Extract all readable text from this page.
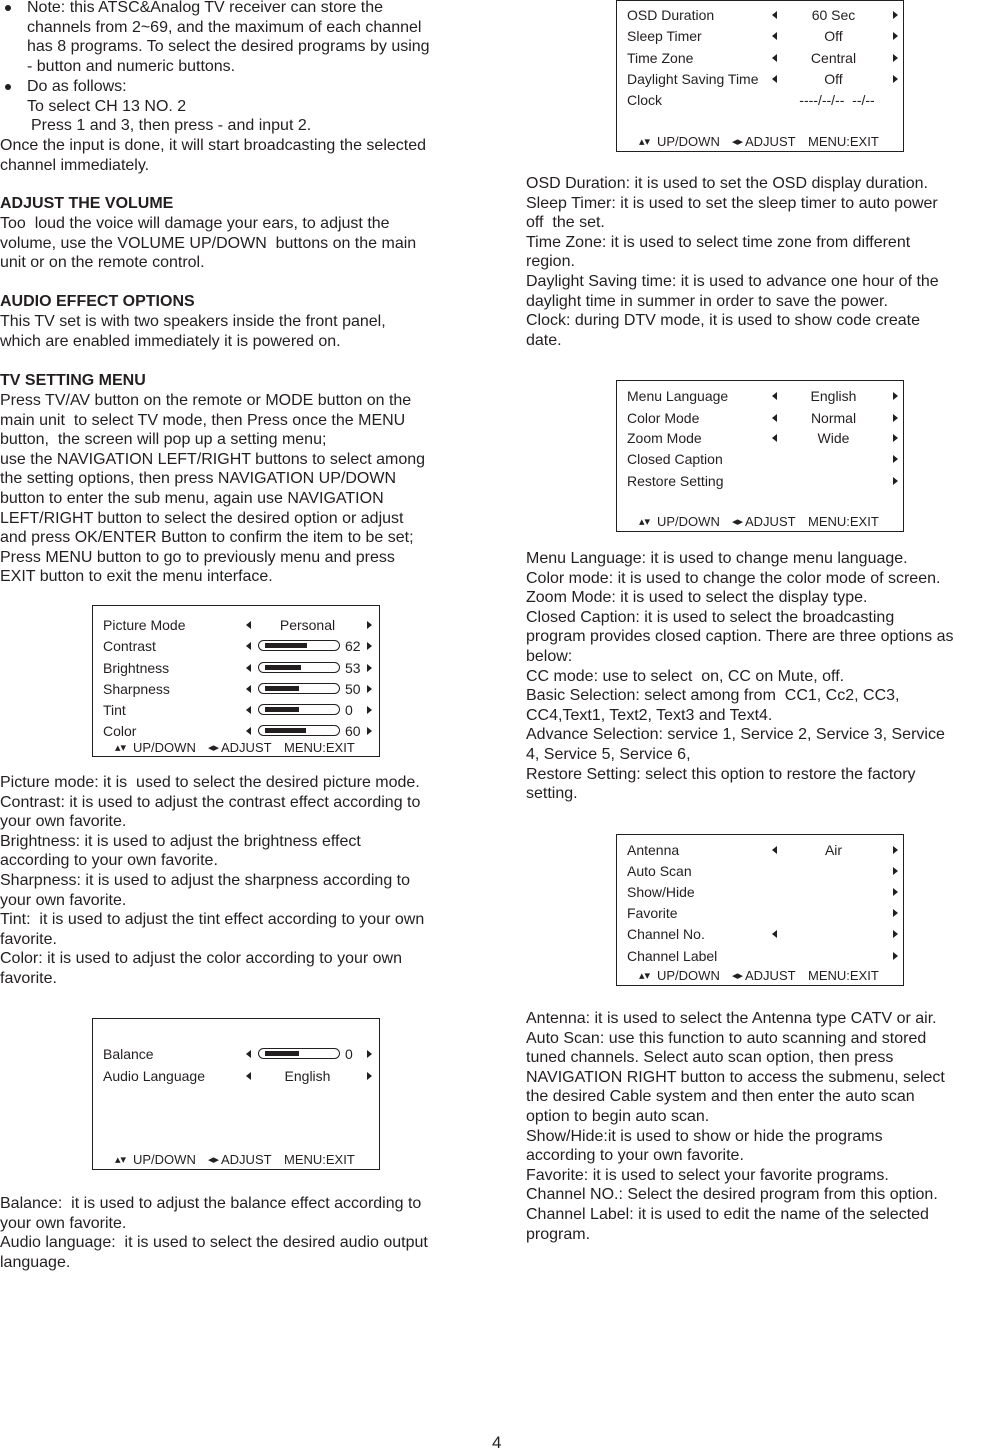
Note: this ATSC&Analog TV receiver can store the
channels from 2~69, and the maximum of each channel
has 8 programs. To select the desired programs by using
- button and numeric buttons.
Do as follows:
To select CH 13 NO. 2
Press 1 and 3, then press - and input 2.
Once the input is done, it will start broadcasting the selected
channel immediately.
ADJUST THE VOLUME
Too  loud the voice will damage your ears, to adjust the
volume, use the VOLUME UP/DOWN  buttons on the main
unit or on the remote control.
AUDIO EFFECT OPTIONS
This TV set is with two speakers inside the front panel,
which are enabled immediately it is powered on.
TV SETTING MENU
Press TV/AV button on the remote or MODE button on the
main unit  to select TV mode, then Press once the MENU
button,  the screen will pop up a setting menu;
use the NAVIGATION LEFT/RIGHT buttons to select among
the setting options, then press NAVIGATION UP/DOWN
button to enter the sub menu, again use NAVIGATION
LEFT/RIGHT button to select the desired option or adjust
and press OK/ENTER Button to confirm the item to be set;
Press MENU button to go to previously menu and press
EXIT button to exit the menu interface.
Picture mode: it is  used to select the desired picture mode.
Contrast: it is used to adjust the contrast effect according to
your own favorite.
Brightness: it is used to adjust the brightness effect
according to your own favorite.
Sharpness: it is used to adjust the sharpness according to
your own favorite.
Tint:  it is used to adjust the tint effect according to your own
favorite.
Color: it is used to adjust the color according to your own
favorite.
Balance:  it is used to adjust the balance effect according to
your own favorite.
Audio language:  it is used to select the desired audio output
language.
OSD Duration: it is used to set the OSD display duration.
Sleep Timer: it is used to set the sleep timer to auto power
off  the set.
Time Zone: it is used to select time zone from different
region.
Daylight Saving time: it is used to advance one hour of the
daylight time in summer in order to save the power.
Clock: during DTV mode, it is used to show code create
date.
Menu Language: it is used to change menu language.
Color mode: it is used to change the color mode of screen.
Zoom Mode: it is used to select the display type.
Closed Caption: it is used to select the broadcasting
program provides closed caption. There are three options as
below:
CC mode: use to select  on, CC on Mute, off.
Basic Selection: select among from  CC1, Cc2, CC3,
CC4,Text1, Text2, Text3 and Text4.
Advance Selection: service 1, Service 2, Service 3, Service
4, Service 5, Service 6,
Restore Setting: select this option to restore the factory
setting.
Antenna: it is used to select the Antenna type CATV or air.
Auto Scan: use this function to auto scanning and stored
tuned channels. Select auto scan option, then press
NAVIGATION RIGHT button to access the submenu, select
the desired Cable system and then enter the auto scan
option to begin auto scan.
Show/Hide:it is used to show or hide the programs
according to your own favorite.
Favorite: it is used to select your favorite programs.
Channel NO.: Select the desired program from this option.
Channel Label: it is used to edit the name of the selected
program.
Picture Mode	Personal
Contrast	62
Brightness	53
Sharpness	50
Tint	0
Color	60
▴▾ UP/DOWN ◂▸ ADJUST MENU:EXIT
Balance	0
Audio Language	English
▴▾ UP/DOWN ◂▸ ADJUST MENU:EXIT
OSD Duration	60 Sec
Sleep Timer	Off
Time Zone	Central
Daylight Saving Time	Off
Clock	----/--/--  --/--
▴▾ UP/DOWN ◂▸ ADJUST MENU:EXIT
Menu Language	English
Color Mode	Normal
Zoom Mode	Wide
Closed Caption
Restore Setting
▴▾ UP/DOWN ◂▸ ADJUST MENU:EXIT
Antenna	Air
Auto Scan
Show/Hide
Favorite
Channel No.
Channel Label
▴▾ UP/DOWN ◂▸ ADJUST MENU:EXIT
4
